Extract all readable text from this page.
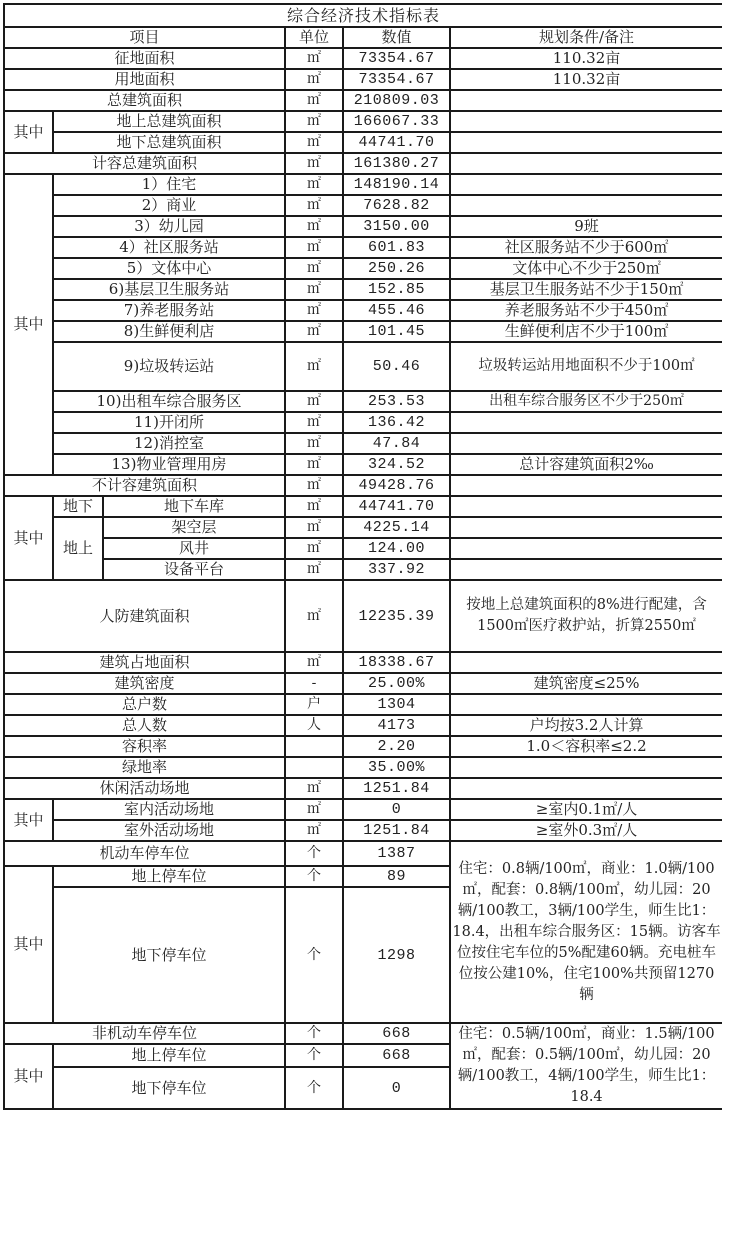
综合经济技术指标表					
项目			单位	数值	规划条件/备注
征地面积			㎡	73354.67	110.32亩
用地面积			㎡	73354.67	110.32亩
总建筑面积			㎡	210809.03	
其中	地上总建筑面积		㎡	166067.33	
	地下总建筑面积		㎡	44741.70	
计容总建筑面积			㎡	161380.27	
其中	1）住宅		㎡	148190.14	
	2）商业		㎡	7628.82	
	3）幼儿园		㎡	3150.00	9班
	4）社区服务站		㎡	601.83	社区服务站不少于600㎡
	5）文体中心		㎡	250.26	文体中心不少于250㎡
	6)基层卫生服务站		㎡	152.85	基层卫生服务站不少于150㎡
	7)养老服务站		㎡	455.46	养老服务站不少于450㎡
	8)生鲜便利店		㎡	101.45	生鲜便利店不少于100㎡
	9)垃圾转运站		㎡	50.46	垃圾转运站用地面积不少于100㎡
	10)出租车综合服务区		㎡	253.53	出租车综合服务区不少于250㎡
	11)开闭所		㎡	136.42	
	12)消控室		㎡	47.84	
	13)物业管理用房		㎡	324.52	总计容建筑面积2‰
不计容建筑面积			㎡	49428.76	
其中	地下	地下车库	㎡	44741.70	
	地上	架空层	㎡	4225.14	
		风井	㎡	124.00	
		设备平台	㎡	337.92	
人防建筑面积			㎡	12235.39	按地上总建筑面积的8%进行配建，含1500㎡医疗救护站，折算2550㎡
建筑占地面积			㎡	18338.67	
建筑密度			-	25.00%	建筑密度≤25%
总户数			户	1304	
总人数			人	4173	户均按3.2人计算
容积率				2.20	1.0＜容积率≤2.2
绿地率				35.00%	
休闲活动场地			㎡	1251.84	
其中	室内活动场地		㎡	0	≥室内0.1㎡/人
	室外活动场地		㎡	1251.84	≥室外0.3㎡/人
机动车停车位			个	1387	住宅：0.8辆/100㎡，商业：1.0辆/100㎡，配套：0.8辆/100㎡，幼儿园：20辆/100教工，3辆/100学生，师生比1：18.4，出租车综合服务区：15辆。访客车位按住宅车位的5%配建60辆。充电桩车位按公建10%，住宅100%共预留1270辆
其中	地上停车位		个	89	
	地下停车位		个	1298	
非机动车停车位			个	668	住宅：0.5辆/100㎡，商业：1.5辆/100㎡，配套：0.5辆/100㎡，幼儿园：20辆/100教工，4辆/100学生，师生比1：18.4
其中	地上停车位		个	668	
	地下停车位		个	0	
